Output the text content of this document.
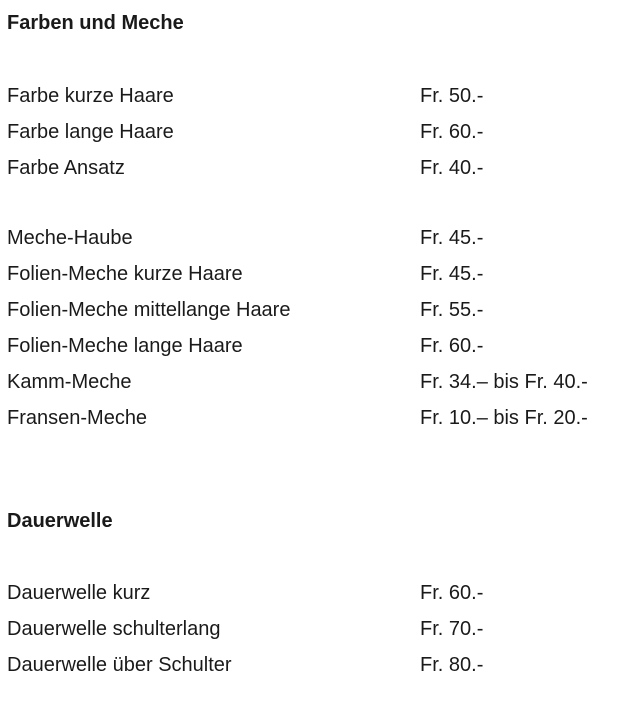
Farben und Meche
Farbe kurze Haare	Fr. 50.-
Farbe lange Haare	Fr. 60.-
Farbe Ansatz	Fr. 40.-
Meche-Haube	Fr. 45.-
Folien-Meche kurze Haare	Fr. 45.-
Folien-Meche mittellange Haare	Fr. 55.-
Folien-Meche lange Haare	Fr. 60.-
Kamm-Meche	Fr. 34.– bis Fr. 40.-
Fransen-Meche	Fr. 10.– bis Fr. 20.-
Dauerwelle
Dauerwelle kurz	Fr. 60.-
Dauerwelle schulterlang	Fr. 70.-
Dauerwelle über Schulter	Fr. 80.-
